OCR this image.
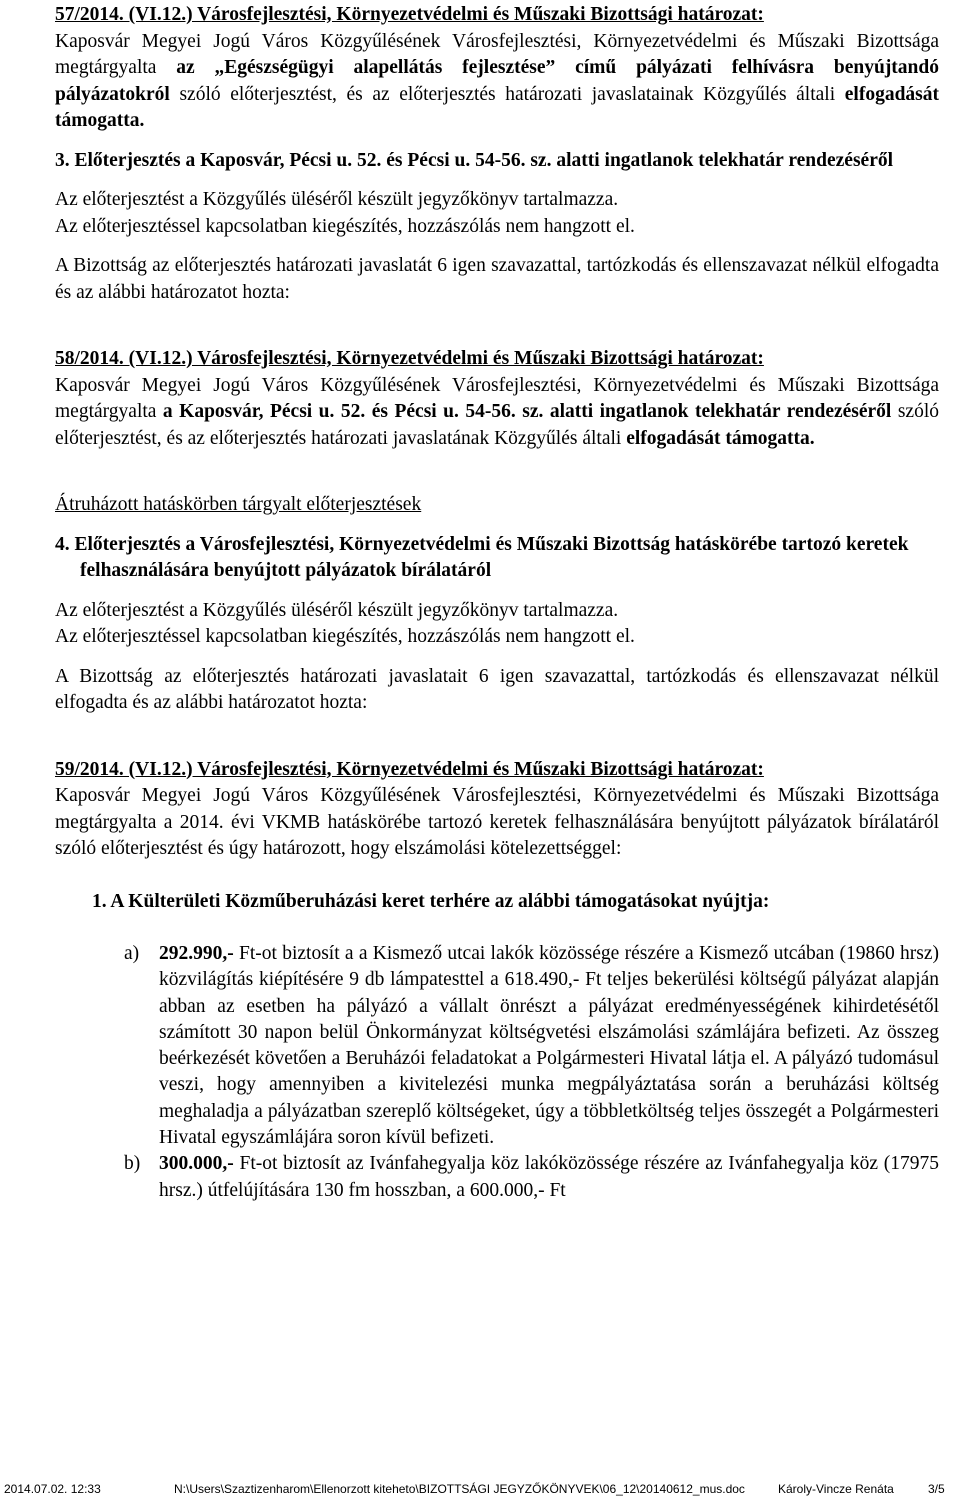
57/2014. (VI.12.) Városfejlesztési, Környezetvédelmi és Műszaki Bizottsági határozat:
Kaposvár Megyei Jogú Város Közgyűlésének Városfejlesztési, Környezetvédelmi és Műszaki Bizottsága megtárgyalta az „Egészségügyi alapellátás fejlesztése” című pályázati felhívásra benyújtandó pályázatokról szóló előterjesztést, és az előterjesztés határozati javaslatainak Közgyűlés általi elfogadását támogatta.

3. Előterjesztés a Kaposvár, Pécsi u. 52. és Pécsi u. 54-56. sz. alatti ingatlanok telekhatár rendezéséről

Az előterjesztést a Közgyűlés üléséről készült jegyzőkönyv tartalmazza.

Az előterjesztéssel kapcsolatban kiegészítés, hozzászólás nem hangzott el.

A Bizottság az előterjesztés határozati javaslatát 6 igen szavazattal, tartózkodás és ellenszavazat nélkül elfogadta és az alábbi határozatot hozta:

58/2014. (VI.12.) Városfejlesztési, Környezetvédelmi és Műszaki Bizottsági határozat:
Kaposvár Megyei Jogú Város Közgyűlésének Városfejlesztési, Környezetvédelmi és Műszaki Bizottsága megtárgyalta a Kaposvár, Pécsi u. 52. és Pécsi u. 54-56. sz. alatti ingatlanok telekhatár rendezéséről szóló előterjesztést, és az előterjesztés határozati javaslatának Közgyűlés általi elfogadását támogatta.

Átruházott hatáskörben tárgyalt előterjesztések

4. Előterjesztés a Városfejlesztési, Környezetvédelmi és Műszaki Bizottság hatáskörébe tartozó keretek felhasználására benyújtott pályázatok bírálatáról

Az előterjesztést a Közgyűlés üléséről készült jegyzőkönyv tartalmazza.

Az előterjesztéssel kapcsolatban kiegészítés, hozzászólás nem hangzott el.

A Bizottság az előterjesztés határozati javaslatait 6 igen szavazattal, tartózkodás és ellenszavazat nélkül elfogadta és az alábbi határozatot hozta:

59/2014. (VI.12.) Városfejlesztési, Környezetvédelmi és Műszaki Bizottsági határozat:
Kaposvár Megyei Jogú Város Közgyűlésének Városfejlesztési, Környezetvédelmi és Műszaki Bizottsága megtárgyalta a 2014. évi VKMB hatáskörébe tartozó keretek felhasználására benyújtott pályázatok bírálatáról szóló előterjesztést és úgy határozott, hogy elszámolási kötelezettséggel:

1. A Külterületi Közműberuházási keret terhére az alábbi támogatásokat nyújtja:

a)	292.990,- Ft-ot biztosít a a Kismező utcai lakók közössége részére a Kismező utcában (19860 hrsz) közvilágítás kiépítésére 9 db lámpatesttel a 618.490,- Ft teljes bekerülési költségű pályázat alapján abban az esetben ha pályázó a vállalt önrészt a pályázat eredményességének kihirdetésétől számított 30 napon belül Önkormányzat költségvetési elszámolási számlájára befizeti. Az összeg beérkezését követően a Beruházói feladatokat a Polgármesteri Hivatal látja el. A pályázó tudomásul veszi, hogy amennyiben a kivitelezési munka megpályáztatása során a beruházási költség meghaladja a pályázatban szereplő költségeket, úgy a többletköltség teljes összegét a Polgármesteri Hivatal egyszámlájára soron kívül befizeti.
b) 300.000,- Ft-ot biztosít az Ivánfahegyalja köz lakóközössége részére az Ivánfahegyalja köz (17975 hrsz.) útfelújítására 130 fm hosszban, a 600.000,- Ft
2014.07.02. 12:33	N:\Users\Szaztizenharom\Ellenorzott kiteheto\BIZOTTSÁGI JEGYZŐKÖNYVEK\06_12\20140612_mus.doc	Károly-Vincze Renáta	3/5
